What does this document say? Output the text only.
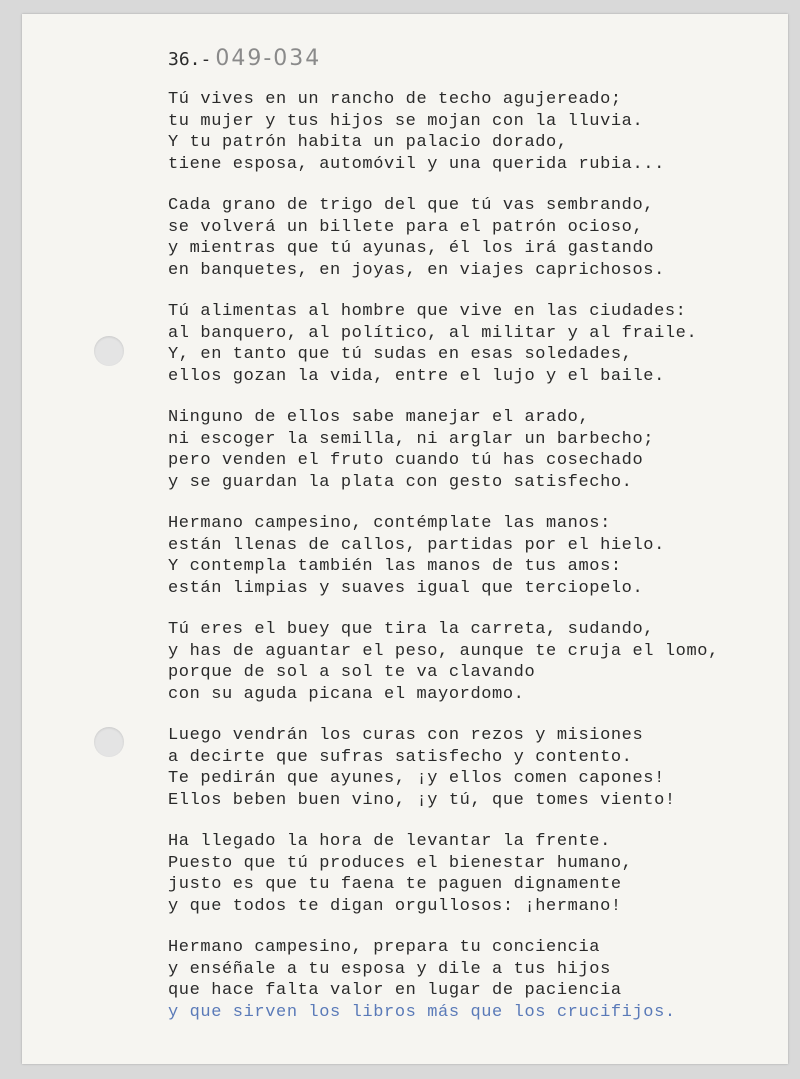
36.- 049-034
Tú vives en un rancho de techo agujereado;
tu mujer y tus hijos se mojan con la lluvia.
Y tu patrón habita un palacio dorado,
tiene esposa, automóvil y una querida rubia...
Cada grano de trigo del que tú vas sembrando,
se volverá un billete para el patrón ocioso,
y mientras que tú ayunas, él los irá gastando
en banquetes, en joyas, en viajes caprichosos.
Tú alimentas al hombre que vive en las ciudades:
al banquero, al político, al militar y al fraile.
Y, en tanto que tú sudas en esas soledades,
ellos gozan la vida, entre el lujo y el baile.
Ninguno de ellos sabe manejar el arado,
ni escoger la semilla, ni arglar un barbecho;
pero venden el fruto cuando tú has cosechado
y se guardan la plata con gesto satisfecho.
Hermano campesino, contémplate las manos:
están llenas de callos, partidas por el hielo.
Y contempla también las manos de tus amos:
están limpias y suaves igual que terciopelo.
Tú eres el buey que tira la carreta, sudando,
y has de aguantar el peso, aunque te cruja el lomo,
porque de sol a sol te va clavando
con su aguda picana el mayordomo.
Luego vendrán los curas con rezos y misiones
a decirte que sufras satisfecho y contento.
Te pedirán que ayunes, ¡y ellos comen capones!
Ellos beben buen vino, ¡y tú, que tomes viento!
Ha llegado la hora de levantar la frente.
Puesto que tú produces el bienestar humano,
justo es que tu faena te paguen dignamente
y que todos te digan orgullosos: ¡hermano!
Hermano campesino, prepara tu conciencia
y enséñale a tu esposa y dile a tus hijos
que hace falta valor en lugar de paciencia
y que sirven los libros más que los crucifijos.
